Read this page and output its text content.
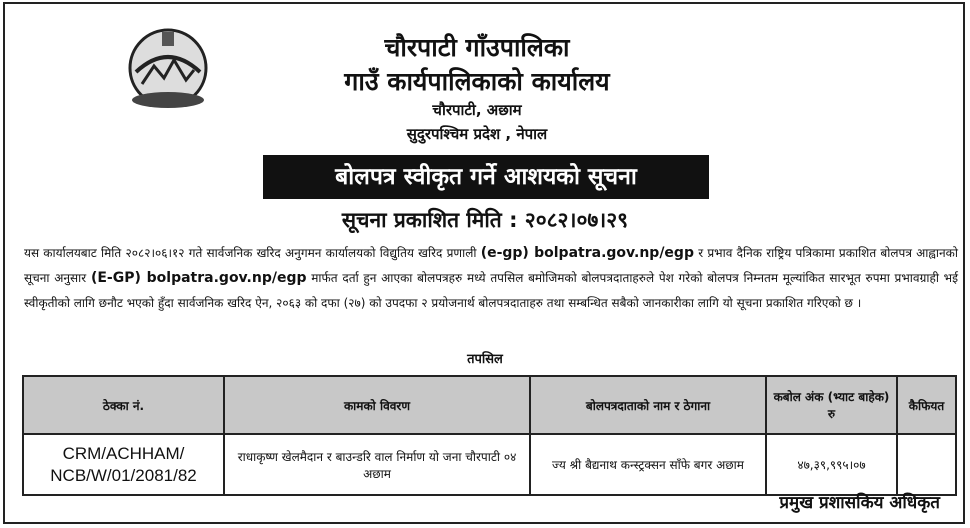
चौरपाटी गाँउपालिका
गाउँ कार्यपालिकाको कार्यालय
चौरपाटी, अछाम
सुदुरपश्चिम प्रदेश , नेपाल
बोलपत्र स्वीकृत गर्ने आशयको सूचना
सूचना प्रकाशित मिति : २०८२।०७।२९
यस कार्यालयबाट मिति २०८२।०६।१२ गते सार्वजनिक खरिद अनुगमन कार्यालयको विद्युतिय खरिद प्रणाली (e-gp) bolpatra.gov.np/egp र प्रभाव दैनिक राष्ट्रिय पत्रिकामा प्रकाशित बोलपत्र आह्वानको सूचना अनुसार (E-GP) bolpatra.gov.np/egp मार्फत दर्ता हुन आएका बोलपत्रहरु मध्ये तपसिल बमोजिमको बोलपत्रदाताहरुले पेश गरेको बोलपत्र निम्नतम मूल्यांकित सारभूत रुपमा प्रभावग्राही भई स्वीकृतीको लागि छनौट भएको हुँदा सार्वजनिक खरिद ऐन, २०६३ को दफा (२७) को उपदफा २ प्रयोजनार्थ बोलपत्रदाताहरु तथा सम्बन्धित सबैको जानकारीका लागि यो सूचना प्रकाशित गरिएको छ ।
तपसिल
ठेक्का नं.	कामको विवरण	बोलपत्रदाताको नाम र ठेगाना	कबोल अंक (भ्याट बाहेक) रु	कैफियत
CRM/ACHHAM/ NCB/W/01/2081/82	राधाकृष्ण खेलमैदान र बाउन्डरि वाल निर्माण यो जना चौरपाटी ०४ अछाम	ज्य श्री बैद्यनाथ कन्स्ट्रक्सन साँफे बगर अछाम	४७,३९,९९५।०७	
प्रमुख प्रशासकिय अधिकृत
